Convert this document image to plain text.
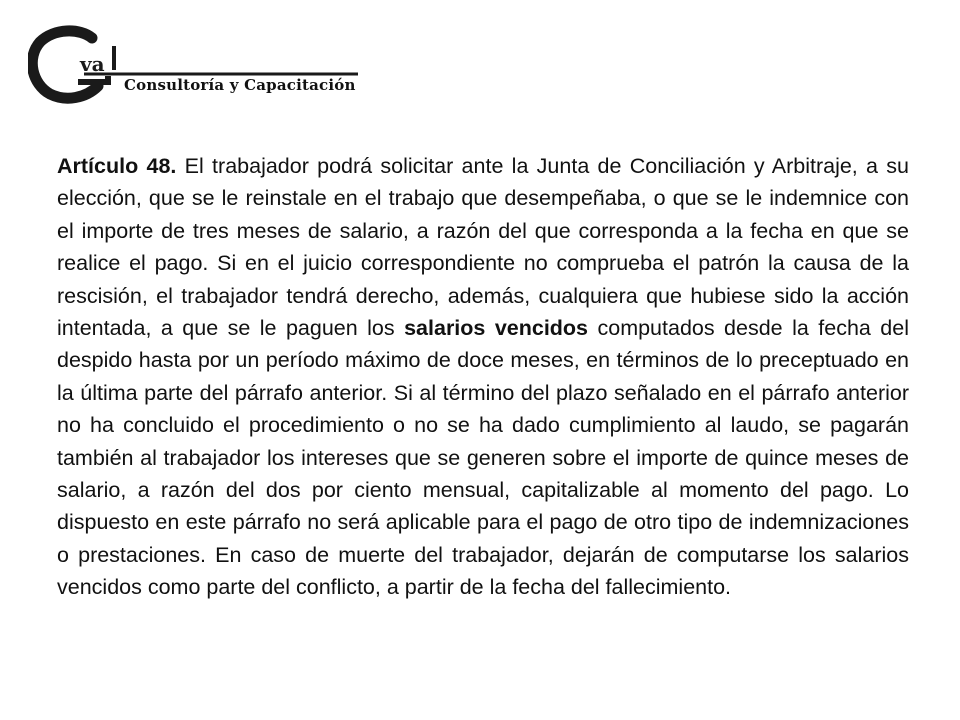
va
Consultoría y Capacitación

Artículo 48. El trabajador podrá solicitar ante la Junta de Conciliación y Arbitraje, a su elección, que se le reinstale en el trabajo que desempeñaba, o que se le indemnice con el importe de tres meses de salario, a razón del que corresponda a la fecha en que se realice el pago. Si en el juicio correspondiente no comprueba el patrón la causa de la rescisión, el trabajador tendrá derecho, además, cualquiera que hubiese sido la acción intentada, a que se le paguen los salarios vencidos computados desde la fecha del despido hasta por un período máximo de doce meses, en términos de lo preceptuado en la última parte del párrafo anterior. Si al término del plazo señalado en el párrafo anterior no ha concluido el procedimiento o no se ha dado cumplimiento al laudo, se pagarán también al trabajador los intereses que se generen sobre el importe de quince meses de salario, a razón del dos por ciento mensual, capitalizable al momento del pago. Lo dispuesto en este párrafo no será aplicable para el pago de otro tipo de indemnizaciones o prestaciones. En caso de muerte del trabajador, dejarán de computarse los salarios vencidos como parte del conflicto, a partir de la fecha del fallecimiento.
